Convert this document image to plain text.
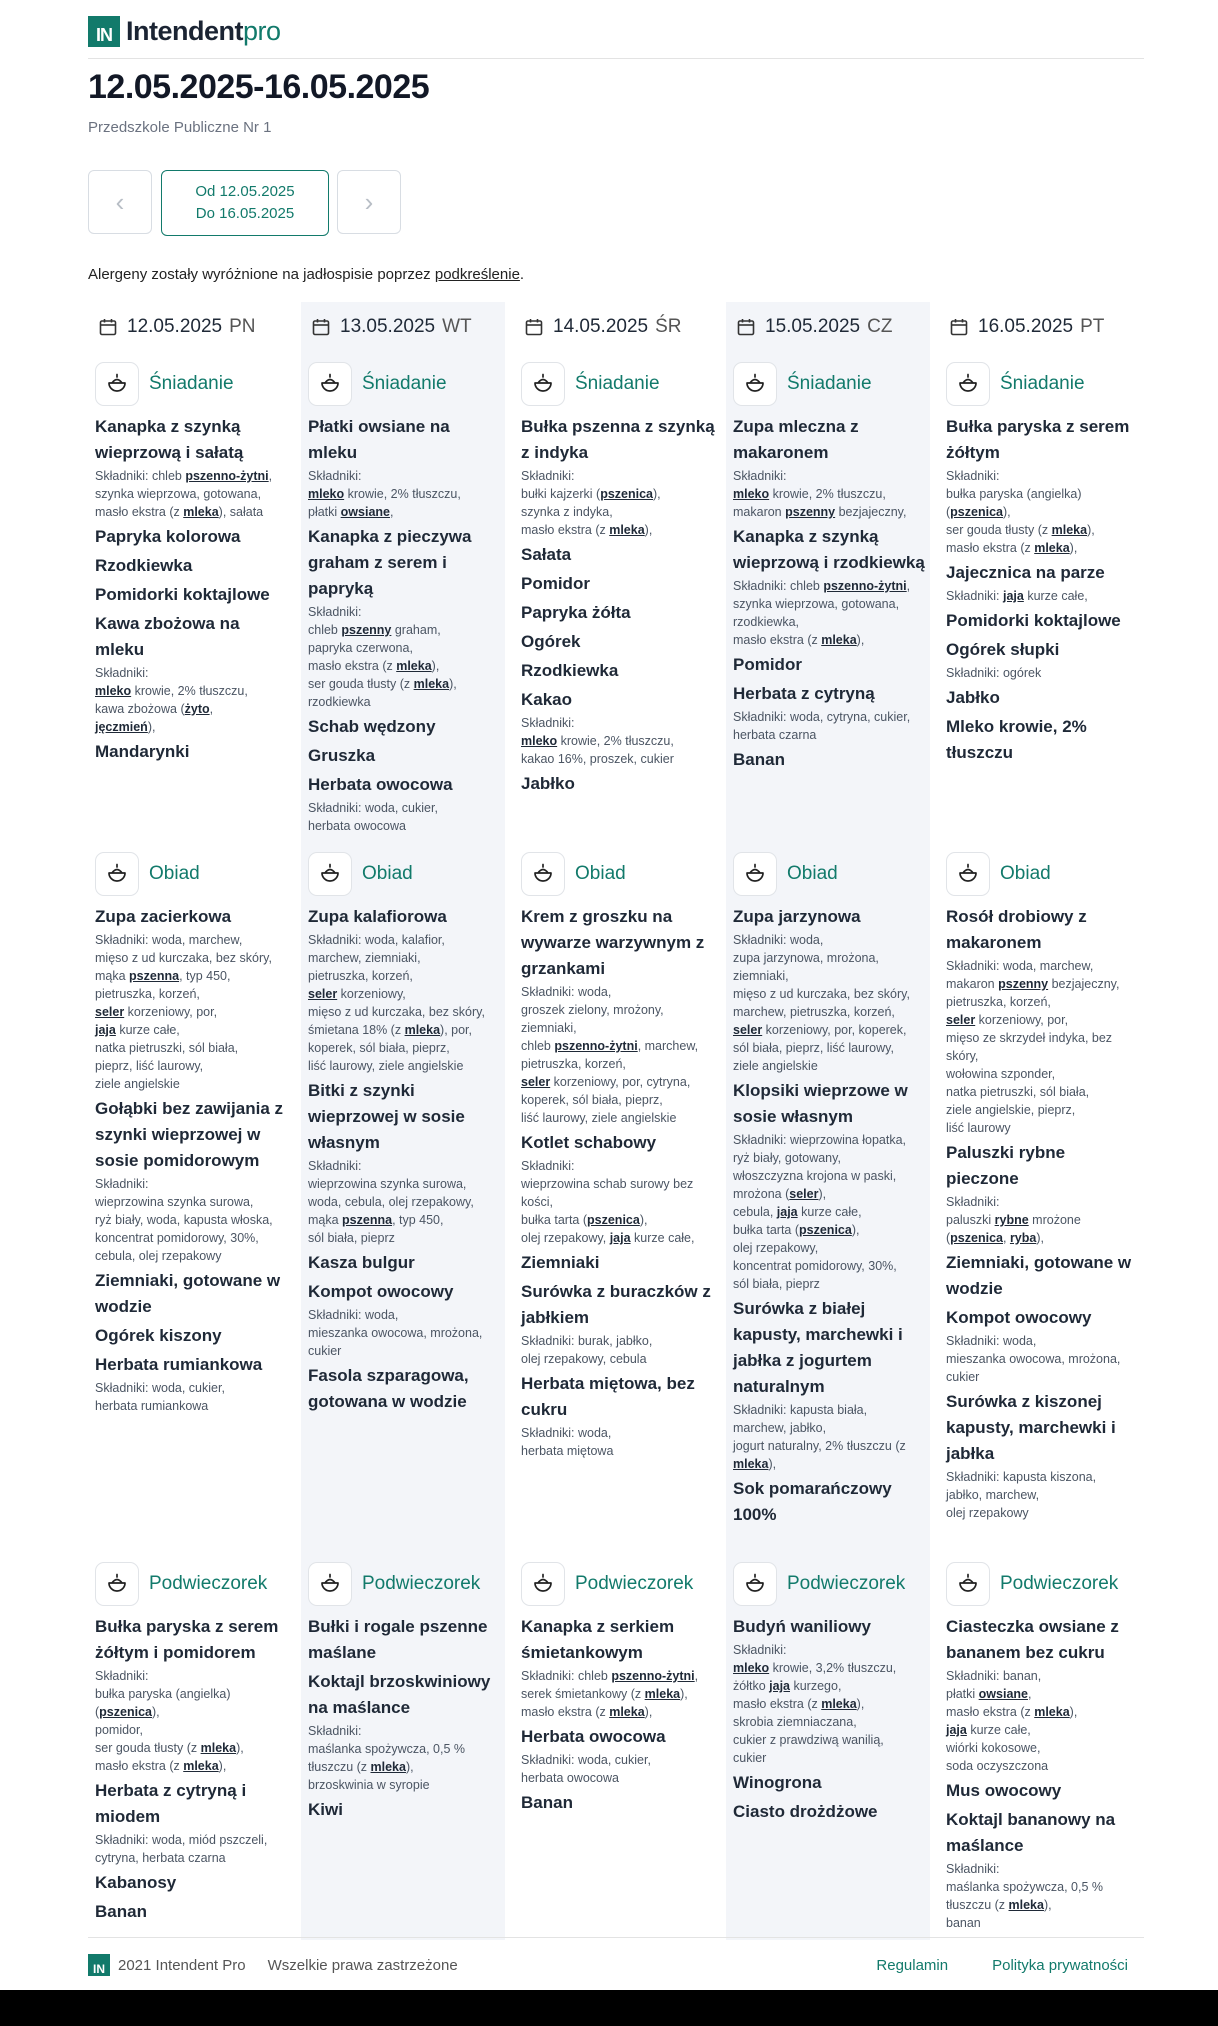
IN Intendentpro
12.05.2025-16.05.2025
Przedszkole Publiczne Nr 1
‹	Od 12.05.2025
Do 16.05.2025	›
Alergeny zostały wyróżnione na jadłospisie poprzez podkreślenie.
12.05.2025 PN
Śniadanie
Kanapka z szynką wieprzową i sałatą
Składniki: chleb pszenno-żytni, szynka wieprzowa, gotowana, masło ekstra (z mleka), sałata
Papryka kolorowa
Rzodkiewka
Pomidorki koktajlowe
Kawa zbożowa na mleku
Składniki:
mleko krowie, 2% tłuszczu,
kawa zbożowa (żyto,
jęczmień),
Mandarynki
Obiad
Zupa zacierkowa
Składniki: woda, marchew,
mięso z ud kurczaka, bez skóry,
mąka pszenna, typ 450,
pietruszka, korzeń,
seler korzeniowy, por,
jaja kurze całe,
natka pietruszki, sól biała,
pieprz, liść laurowy,
ziele angielskie
Gołąbki bez zawijania z szynki wieprzowej w sosie pomidorowym
Składniki:
wieprzowina szynka surowa,
ryż biały, woda, kapusta włoska,
koncentrat pomidorowy, 30%,
cebula, olej rzepakowy
Ziemniaki, gotowane w wodzie
Ogórek kiszony
Herbata rumiankowa
Składniki: woda, cukier,
herbata rumiankowa
Podwieczorek
Bułka paryska z serem żółtym i pomidorem
Składniki:
bułka paryska (angielka)
(pszenica),
pomidor,
ser gouda tłusty (z mleka),
masło ekstra (z mleka),
Herbata z cytryną i miodem
Składniki: woda, miód pszczeli,
cytryna, herbata czarna
Kabanosy
Banan
13.05.2025 WT
Śniadanie
Płatki owsiane na mleku
Składniki:
mleko krowie, 2% tłuszczu,
płatki owsiane,
Kanapka z pieczywa graham z serem i papryką
Składniki:
chleb pszenny graham,
papryka czerwona,
masło ekstra (z mleka),
ser gouda tłusty (z mleka),
rzodkiewka
Schab wędzony
Gruszka
Herbata owocowa
Składniki: woda, cukier,
herbata owocowa
Obiad
Zupa kalafiorowa
Składniki: woda, kalafior,
marchew, ziemniaki,
pietruszka, korzeń,
seler korzeniowy,
mięso z ud kurczaka, bez skóry,
śmietana 18% (z mleka), por,
koperek, sól biała, pieprz,
liść laurowy, ziele angielskie
Bitki z szynki wieprzowej w sosie własnym
Składniki:
wieprzowina szynka surowa,
woda, cebula, olej rzepakowy,
mąka pszenna, typ 450,
sól biała, pieprz
Kasza bulgur
Kompot owocowy
Składniki: woda,
mieszanka owocowa, mrożona,
cukier
Fasola szparagowa, gotowana w wodzie
Podwieczorek
Bułki i rogale pszenne maślane
Koktajl brzoskwiniowy na maślance
Składniki:
maślanka spożywcza, 0,5 %
tłuszczu (z mleka),
brzoskwinia w syropie
Kiwi
14.05.2025 ŚR
Śniadanie
Bułka pszenna z szynką z indyka
Składniki:
bułki kajzerki (pszenica),
szynka z indyka,
masło ekstra (z mleka),
Sałata
Pomidor
Papryka żółta
Ogórek
Rzodkiewka
Kakao
Składniki:
mleko krowie, 2% tłuszczu,
kakao 16%, proszek, cukier
Jabłko
Obiad
Krem z groszku na wywarze warzywnym z grzankami
Składniki: woda,
groszek zielony, mrożony,
ziemniaki,
chleb pszenno-żytni, marchew,
pietruszka, korzeń,
seler korzeniowy, por, cytryna,
koperek, sól biała, pieprz,
liść laurowy, ziele angielskie
Kotlet schabowy
Składniki:
wieprzowina schab surowy bez
kości,
bułka tarta (pszenica),
olej rzepakowy, jaja kurze całe,
Ziemniaki
Surówka z buraczków z jabłkiem
Składniki: burak, jabłko,
olej rzepakowy, cebula
Herbata miętowa, bez cukru
Składniki: woda,
herbata miętowa
Podwieczorek
Kanapka z serkiem śmietankowym
Składniki: chleb pszenno-żytni,
serek śmietankowy (z mleka),
masło ekstra (z mleka),
Herbata owocowa
Składniki: woda, cukier,
herbata owocowa
Banan
15.05.2025 CZ
Śniadanie
Zupa mleczna z makaronem
Składniki:
mleko krowie, 2% tłuszczu,
makaron pszenny bezjajeczny,
Kanapka z szynką wieprzową i rzodkiewką
Składniki: chleb pszenno-żytni,
szynka wieprzowa, gotowana,
rzodkiewka,
masło ekstra (z mleka),
Pomidor
Herbata z cytryną
Składniki: woda, cytryna, cukier,
herbata czarna
Banan
Obiad
Zupa jarzynowa
Składniki: woda,
zupa jarzynowa, mrożona,
ziemniaki,
mięso z ud kurczaka, bez skóry,
marchew, pietruszka, korzeń,
seler korzeniowy, por, koperek,
sól biała, pieprz, liść laurowy,
ziele angielskie
Klopsiki wieprzowe w sosie własnym
Składniki: wieprzowina łopatka,
ryż biały, gotowany,
włoszczyzna krojona w paski,
mrożona (seler),
cebula, jaja kurze całe,
bułka tarta (pszenica),
olej rzepakowy,
koncentrat pomidorowy, 30%,
sól biała, pieprz
Surówka z białej kapusty, marchewki i jabłka z jogurtem naturalnym
Składniki: kapusta biała,
marchew, jabłko,
jogurt naturalny, 2% tłuszczu (z
mleka),
Sok pomarańczowy 100%
Podwieczorek
Budyń waniliowy
Składniki:
mleko krowie, 3,2% tłuszczu,
żółtko jaja kurzego,
masło ekstra (z mleka),
skrobia ziemniaczana,
cukier z prawdziwą wanilią,
cukier
Winogrona
Ciasto drożdżowe
16.05.2025 PT
Śniadanie
Bułka paryska z serem żółtym
Składniki:
bułka paryska (angielka)
(pszenica),
ser gouda tłusty (z mleka),
masło ekstra (z mleka),
Jajecznica na parze
Składniki: jaja kurze całe,
Pomidorki koktajlowe
Ogórek słupki
Składniki: ogórek
Jabłko
Mleko krowie, 2% tłuszczu
Obiad
Rosół drobiowy z makaronem
Składniki: woda, marchew,
makaron pszenny bezjajeczny,
pietruszka, korzeń,
seler korzeniowy, por,
mięso ze skrzydeł indyka, bez
skóry,
wołowina szponder,
natka pietruszki, sól biała,
ziele angielskie, pieprz,
liść laurowy
Paluszki rybne pieczone
Składniki:
paluszki rybne mrożone
(pszenica, ryba),
Ziemniaki, gotowane w wodzie
Kompot owocowy
Składniki: woda,
mieszanka owocowa, mrożona,
cukier
Surówka z kiszonej kapusty, marchewki i jabłka
Składniki: kapusta kiszona,
jabłko, marchew,
olej rzepakowy
Podwieczorek
Ciasteczka owsiane z bananem bez cukru
Składniki: banan,
płatki owsiane,
masło ekstra (z mleka),
jaja kurze całe,
wiórki kokosowe,
soda oczyszczona
Mus owocowy
Koktajl bananowy na maślance
Składniki:
maślanka spożywcza, 0,5 %
tłuszczu (z mleka),
banan
IN 2021 Intendent Pro Wszelkie prawa zastrzeżone	Regulamin	Polityka prywatności
